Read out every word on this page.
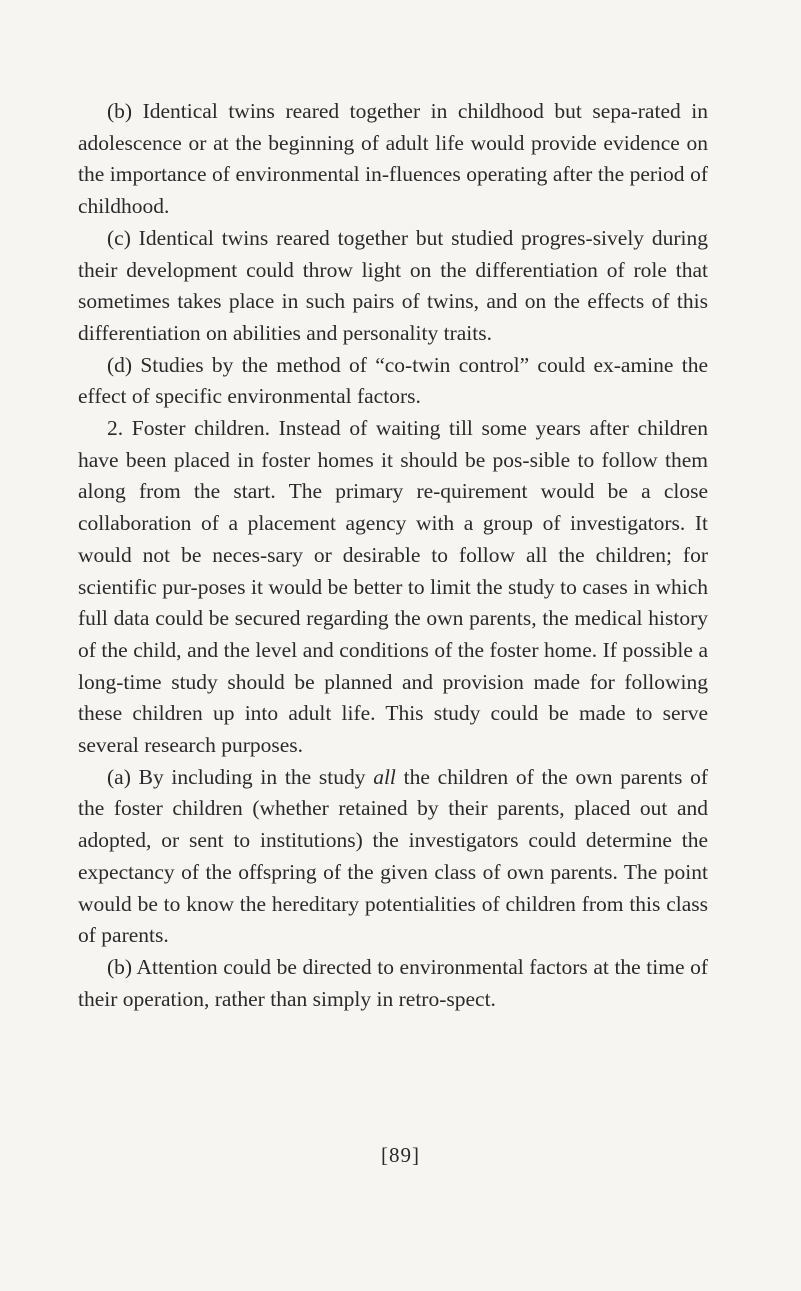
(b) Identical twins reared together in childhood but sepa-rated in adolescence or at the beginning of adult life would provide evidence on the importance of environmental in-fluences operating after the period of childhood.

(c) Identical twins reared together but studied progres-sively during their development could throw light on the differentiation of role that sometimes takes place in such pairs of twins, and on the effects of this differentiation on abilities and personality traits.

(d) Studies by the method of “co-twin control” could ex-amine the effect of specific environmental factors.

2. Foster children. Instead of waiting till some years after children have been placed in foster homes it should be pos-sible to follow them along from the start. The primary re-quirement would be a close collaboration of a placement agency with a group of investigators. It would not be neces-sary or desirable to follow all the children; for scientific pur-poses it would be better to limit the study to cases in which full data could be secured regarding the own parents, the medical history of the child, and the level and conditions of the foster home. If possible a long-time study should be planned and provision made for following these children up into adult life. This study could be made to serve several research purposes.

(a) By including in the study all the children of the own parents of the foster children (whether retained by their parents, placed out and adopted, or sent to institutions) the investigators could determine the expectancy of the offspring of the given class of own parents. The point would be to know the hereditary potentialities of children from this class of parents.

(b) Attention could be directed to environmental factors at the time of their operation, rather than simply in retro-spect.

[89]
